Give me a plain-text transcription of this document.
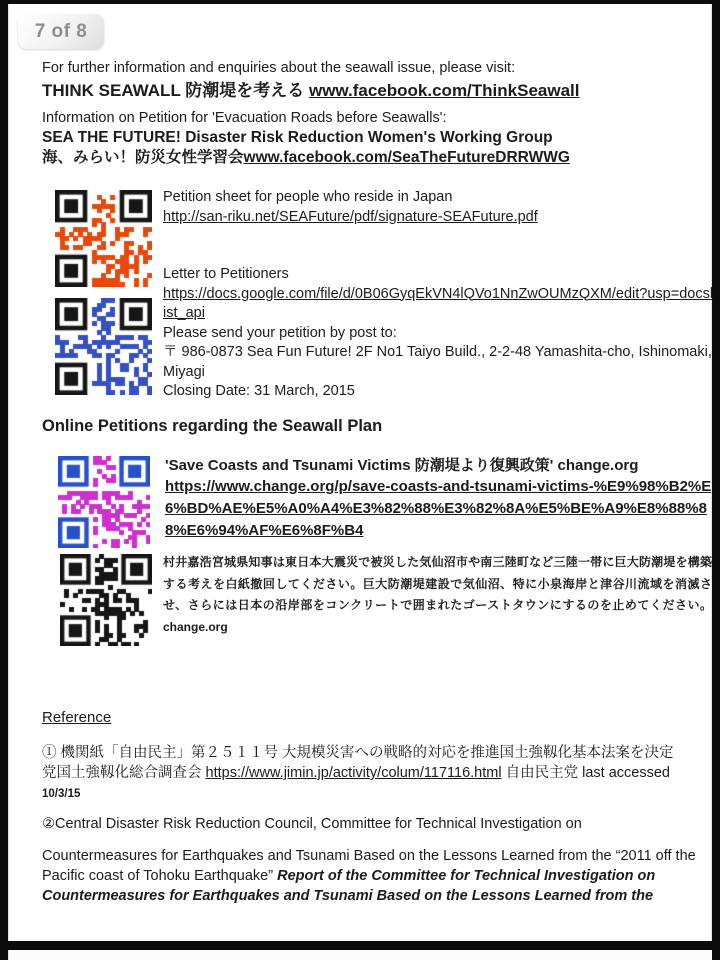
7 of 8
For further information and enquiries about the seawall issue, please visit:
THINK SEAWALL 防潮堤を考える www.facebook.com/ThinkSeawall
Information on Petition for 'Evacuation Roads before Seawalls':
SEA THE FUTURE! Disaster Risk Reduction Women's Working Group
海、みらい！防災女性学習会www.facebook.com/SeaTheFutureDRRWWG
Petition sheet for people who reside in Japan
http://san-riku.net/SEAFuture/pdf/signature-SEAFuture.pdf
Letter to Petitioners
https://docs.google.com/file/d/0B06GyqEkVN4lQVo1NnZwOUMzQXM/edit?usp=docslist_api
Please send your petition by post to:
〒 986-0873 Sea Fun Future! 2F No1 Taiyo Build., 2-2-48 Yamashita-cho, Ishinomaki, Miyagi
Closing Date: 31 March, 2015
Online Petitions regarding the Seawall Plan
'Save Coasts and Tsunami Victims 防潮堤より復興政策' change.org
https://www.change.org/p/save-coasts-and-tsunami-victims-%E9%98%B2%E6%BD%AE%E5%A0%A4%E3%82%88%E3%82%8A%E5%BE%A9%E8%88%88%E6%94%AF%E6%8F%B4
村井嘉浩宮城県知事は東日本大震災で被災した気仙沼市や南三陸町など三陸一帯に巨大防潮堤を構築する考えを白紙撤回してください。巨大防潮堤建設で気仙沼、特に小泉海岸と津谷川流域を消滅させ、さらには日本の沿岸部をコンクリートで囲まれたゴーストタウンにするのを止めてください。 change.org
Reference
① 機関紙「自由民主」第２５１１号 大規模災害への戦略的対応を推進国土強靱化基本法案を決定 党国土強靱化総合調査会 https://www.jimin.jp/activity/colum/117116.html 自由民主党 last accessed 10/3/15
②Central Disaster Risk Reduction Council, Committee for Technical Investigation on
Countermeasures for Earthquakes and Tsunami Based on the Lessons Learned from the “2011 off the Pacific coast of Tohoku Earthquake” Report of the Committee for Technical Investigation on Countermeasures for Earthquakes and Tsunami Based on the Lessons Learned from the
